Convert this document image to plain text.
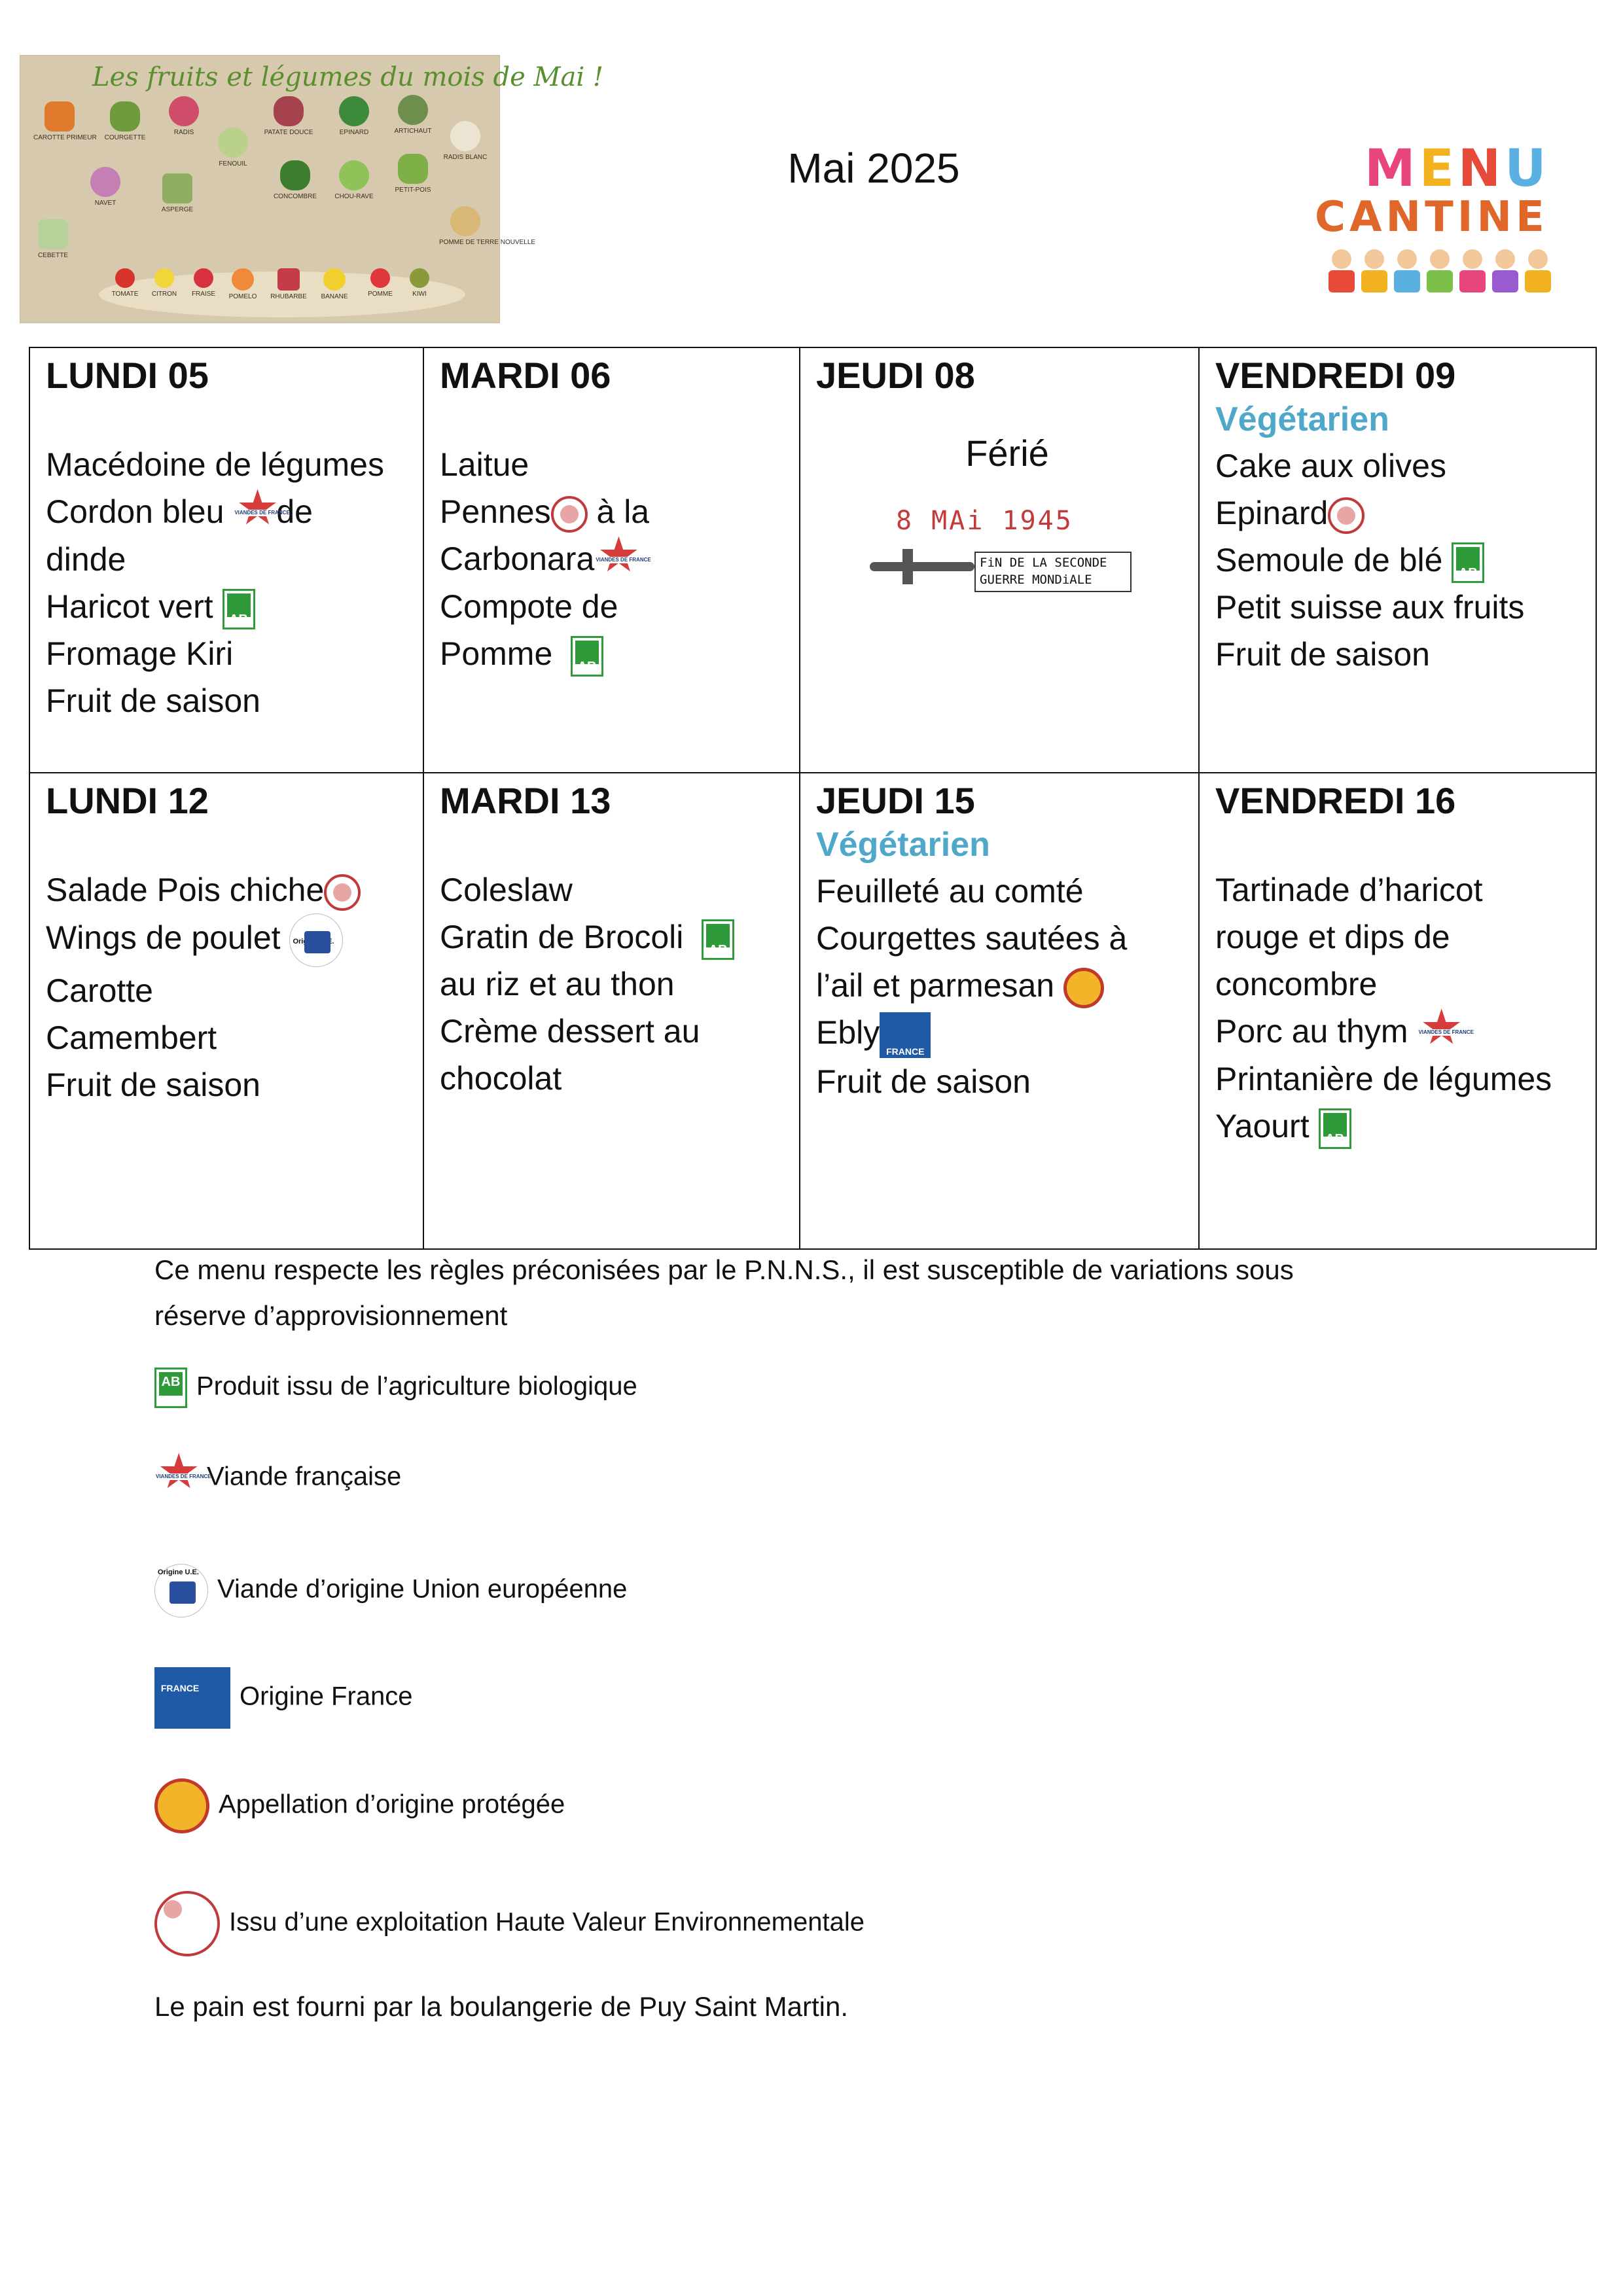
Les fruits et légumes du mois de Mai !
CAROTTE PRIMEUR	COURGETTE
RADIS
FENOUIL
PATATE DOUCE
CONCOMBRE
EPINARD
CHOU-RAVE
ARTICHAUT
PETIT-POIS
RADIS BLANC
NAVET
ASPERGE
POMME DE TERRE NOUVELLE
CEBETTE
TOMATE	CITRON	FRAISE	POMELO	RHUBARBE	BANANE	POMME	KIWI
Mai 2025	MENU
CANTINE
LUNDI 05
Macédoine de légumes
Cordon bleu ★ VIANDES DE FRANCE de
dinde
Haricot vert AB
Fromage Kiri
Fruit de saison
MARDI 06
Laitue
Pennes à la
Carbonara★ VIANDES DE FRANCE
Compote de
Pomme  AB
JEUDI 08
Férié
8 MAi 1945
FiN DE LA SECONDE
GUERRE MONDiALE
VENDREDI 09
Végétarien
Cake aux olives
Epinard
Semoule de blé AB
Petit suisse aux fruits
Fruit de saison
LUNDI 12
Salade Pois chiche
Wings de poulet Origine U.E.
Carotte
Camembert
Fruit de saison
MARDI 13
Coleslaw
Gratin de Brocoli  AB
au riz et au thon
Crème dessert au
chocolat
JEUDI 15
Végétarien
Feuilleté au comté
Courgettes sautées à
l’ail et parmesan
EblyFRANCE
Fruit de saison
VENDREDI 16
Tartinade d’haricot
rouge et dips de
concombre
Porc au thym ★ VIANDES DE FRANCE
Printanière de légumes
Yaourt AB
Ce menu respecte les règles préconisées par le P.N.N.S., il est susceptible de variations sous
réserve d’approvisionnement
ABProduit issu de l’agriculture biologique
★ VIANDES DE FRANCEViande française
Origine U.E.Viande d’origine Union européenne
FRANCEOrigine France
Appellation d’origine protégée
Issu d’une exploitation Haute Valeur Environnementale
Le pain est fourni par la boulangerie de Puy Saint Martin.
